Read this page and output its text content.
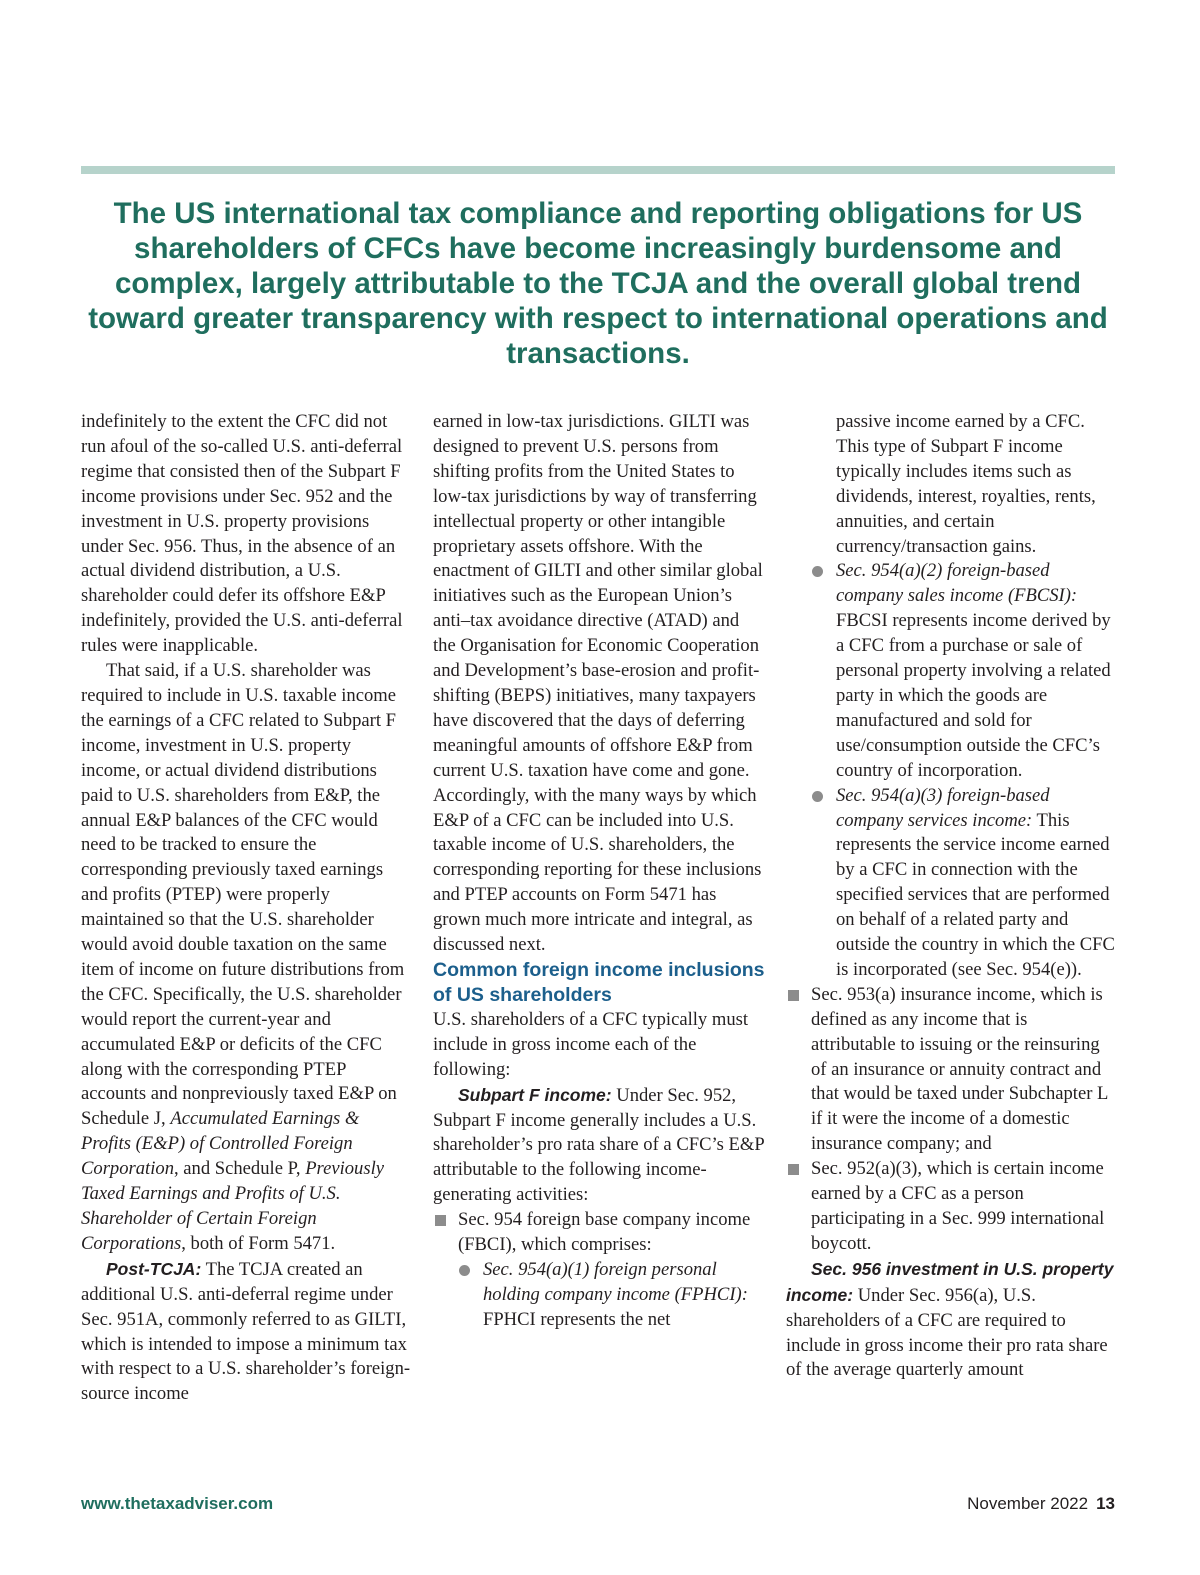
The US international tax compliance and reporting obligations for US shareholders of CFCs have become increasingly burdensome and complex, largely attributable to the TCJA and the overall global trend toward greater transparency with respect to international operations and transactions.

indefinitely to the extent the CFC did not run afoul of the so-called U.S. anti-deferral regime that consisted then of the Subpart F income provisions under Sec. 952 and the investment in U.S. property provisions under Sec. 956. Thus, in the absence of an actual dividend distribution, a U.S. shareholder could defer its offshore E&P indefinitely, provided the U.S. anti-deferral rules were inapplicable.

That said, if a U.S. shareholder was required to include in U.S. taxable income the earnings of a CFC related to Subpart F income, investment in U.S. property income, or actual dividend distributions paid to U.S. shareholders from E&P, the annual E&P balances of the CFC would need to be tracked to ensure the corresponding previously taxed earnings and profits (PTEP) were properly maintained so that the U.S. shareholder would avoid double taxation on the same item of income on future distributions from the CFC. Specifically, the U.S. shareholder would report the current-year and accumulated E&P or deficits of the CFC along with the corresponding PTEP accounts and nonpreviously taxed E&P on Schedule J, Accumulated Earnings & Profits (E&P) of Controlled Foreign Corporation, and Schedule P, Previously Taxed Earnings and Profits of U.S. Shareholder of Certain Foreign Corporations, both of Form 5471.

Post-TCJA: The TCJA created an additional U.S. anti-deferral regime under Sec. 951A, commonly referred to as GILTI, which is intended to impose a minimum tax with respect to a U.S. shareholder’s foreign-source income

earned in low-tax jurisdictions. GILTI was designed to prevent U.S. persons from shifting profits from the United States to low-tax jurisdictions by way of transferring intellectual property or other intangible proprietary assets offshore. With the enactment of GILTI and other similar global initiatives such as the European Union’s anti–tax avoidance directive (ATAD) and the Organisation for Economic Cooperation and Development’s base-erosion and profit-shifting (BEPS) initiatives, many taxpayers have discovered that the days of deferring meaningful amounts of offshore E&P from current U.S. taxation have come and gone. Accordingly, with the many ways by which E&P of a CFC can be included into U.S. taxable income of U.S. shareholders, the corresponding reporting for these inclusions and PTEP accounts on Form 5471 has grown much more intricate and integral, as discussed next.

Common foreign income inclusions of US shareholders

U.S. shareholders of a CFC typically must include in gross income each of the following:

Subpart F income: Under Sec. 952, Subpart F income generally includes a U.S. shareholder’s pro rata share of a CFC’s E&P attributable to the following income-generating activities:

Sec. 954 foreign base company income (FBCI), which comprises:
Sec. 954(a)(1) foreign personal holding company income (FPHCI): FPHCI represents the net
passive income earned by a CFC. This type of Subpart F income typically includes items such as dividends, interest, royalties, rents, annuities, and certain currency/transaction gains.
Sec. 954(a)(2) foreign-based company sales income (FBCSI): FBCSI represents income derived by a CFC from a purchase or sale of personal property involving a related party in which the goods are manufactured and sold for use/consumption outside the CFC’s country of incorporation.
Sec. 954(a)(3) foreign-based company services income: This represents the service income earned by a CFC in connection with the specified services that are performed on behalf of a related party and outside the country in which the CFC is incorporated (see Sec. 954(e)).
Sec. 953(a) insurance income, which is defined as any income that is attributable to issuing or the reinsuring of an insurance or annuity contract and that would be taxed under Subchapter L if it were the income of a domestic insurance company; and
Sec. 952(a)(3), which is certain income earned by a CFC as a person participating in a Sec. 999 international boycott.

Sec. 956 investment in U.S. property income: Under Sec. 956(a), U.S. shareholders of a CFC are required to include in gross income their pro rata share of the average quarterly amount

www.thetaxadviser.com	November 2022 13
